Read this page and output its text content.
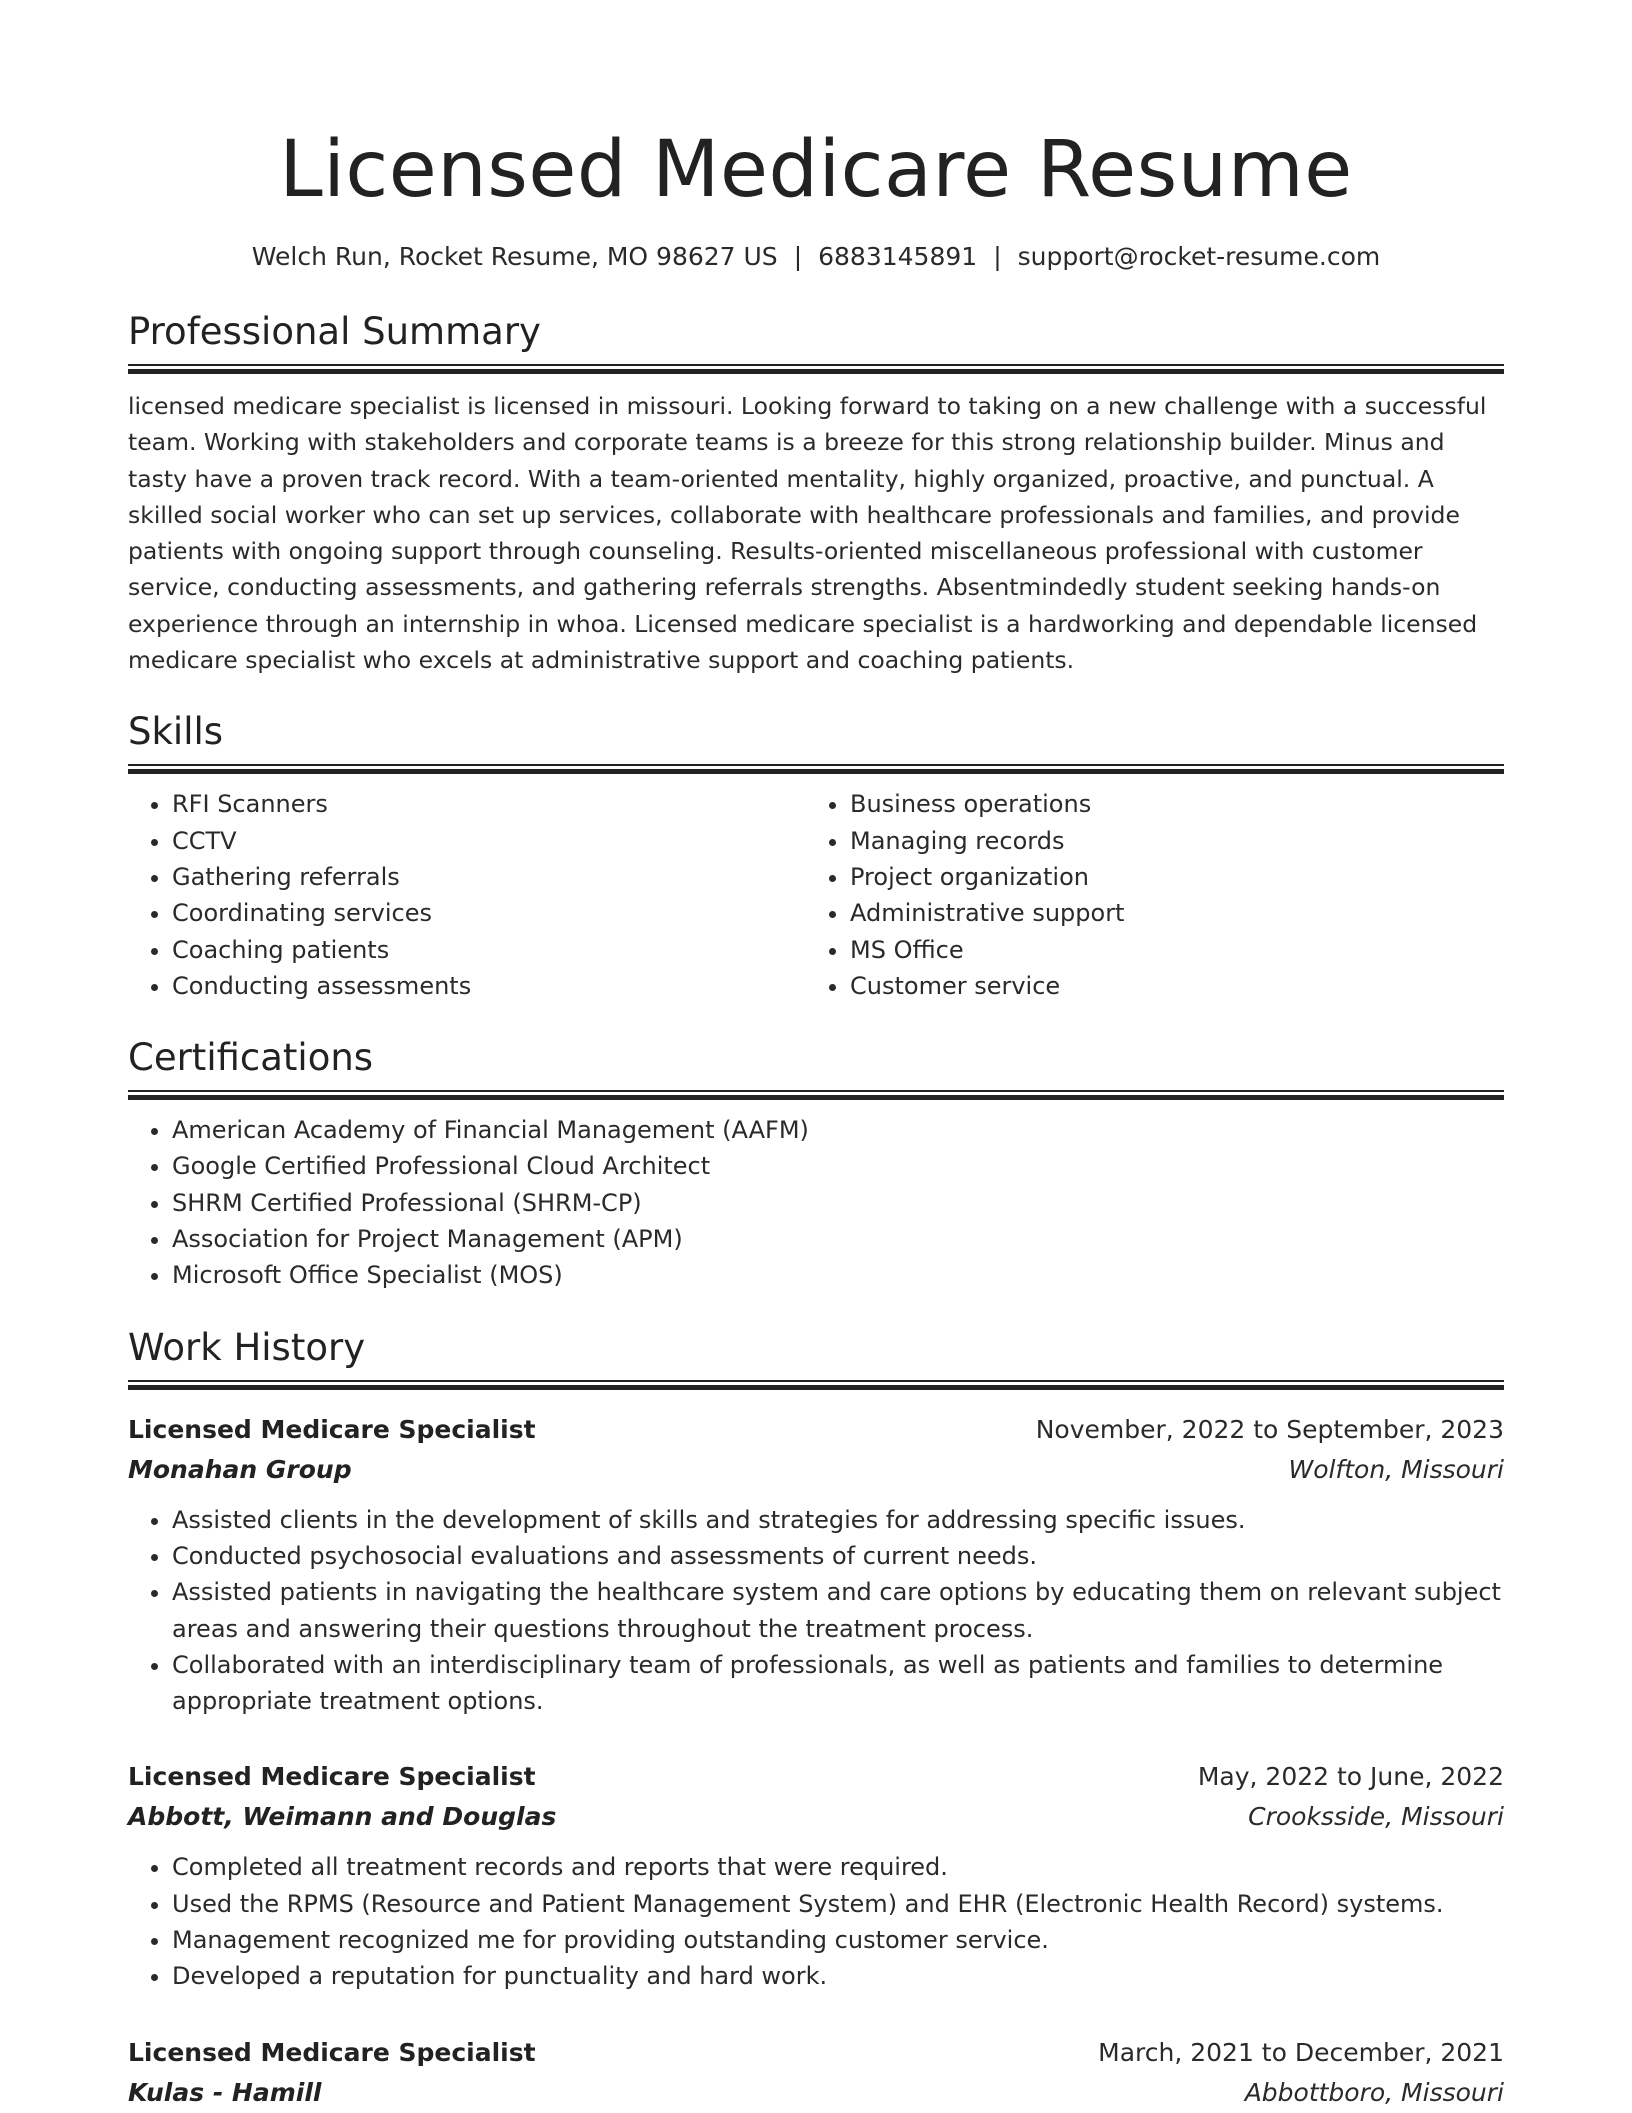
Licensed Medicare Resume
Welch Run, Rocket Resume, MO 98627 US | 6883145891 | support@rocket-resume.com
Professional Summary
licensed medicare specialist is licensed in missouri. Looking forward to taking on a new challenge with a successful team. Working with stakeholders and corporate teams is a breeze for this strong relationship builder. Minus and tasty have a proven track record. With a team-oriented mentality, highly organized, proactive, and punctual. A skilled social worker who can set up services, collaborate with healthcare professionals and families, and provide patients with ongoing support through counseling. Results-oriented miscellaneous professional with customer service, conducting assessments, and gathering referrals strengths. Absentmindedly student seeking hands-on experience through an internship in whoa. Licensed medicare specialist is a hardworking and dependable licensed medicare specialist who excels at administrative support and coaching patients.
Skills
• RFI Scanners
• CCTV
• Gathering referrals
• Coordinating services
• Coaching patients
• Conducting assessments
• Business operations
• Managing records
• Project organization
• Administrative support
• MS Office
• Customer service
Certifications
• American Academy of Financial Management (AAFM)
• Google Certified Professional Cloud Architect
• SHRM Certified Professional (SHRM-CP)
• Association for Project Management (APM)
• Microsoft Office Specialist (MOS)
Work History
Licensed Medicare Specialist	November, 2022 to September, 2023
Monahan Group	Wolfton, Missouri
• Assisted clients in the development of skills and strategies for addressing specific issues.
• Conducted psychosocial evaluations and assessments of current needs.
• Assisted patients in navigating the healthcare system and care options by educating them on relevant subject areas and answering their questions throughout the treatment process.
• Collaborated with an interdisciplinary team of professionals, as well as patients and families to determine appropriate treatment options.
Licensed Medicare Specialist	May, 2022 to June, 2022
Abbott, Weimann and Douglas	Crooksside, Missouri
• Completed all treatment records and reports that were required.
• Used the RPMS (Resource and Patient Management System) and EHR (Electronic Health Record) systems.
• Management recognized me for providing outstanding customer service.
• Developed a reputation for punctuality and hard work.
Licensed Medicare Specialist	March, 2021 to December, 2021
Kulas - Hamill	Abbottboro, Missouri
